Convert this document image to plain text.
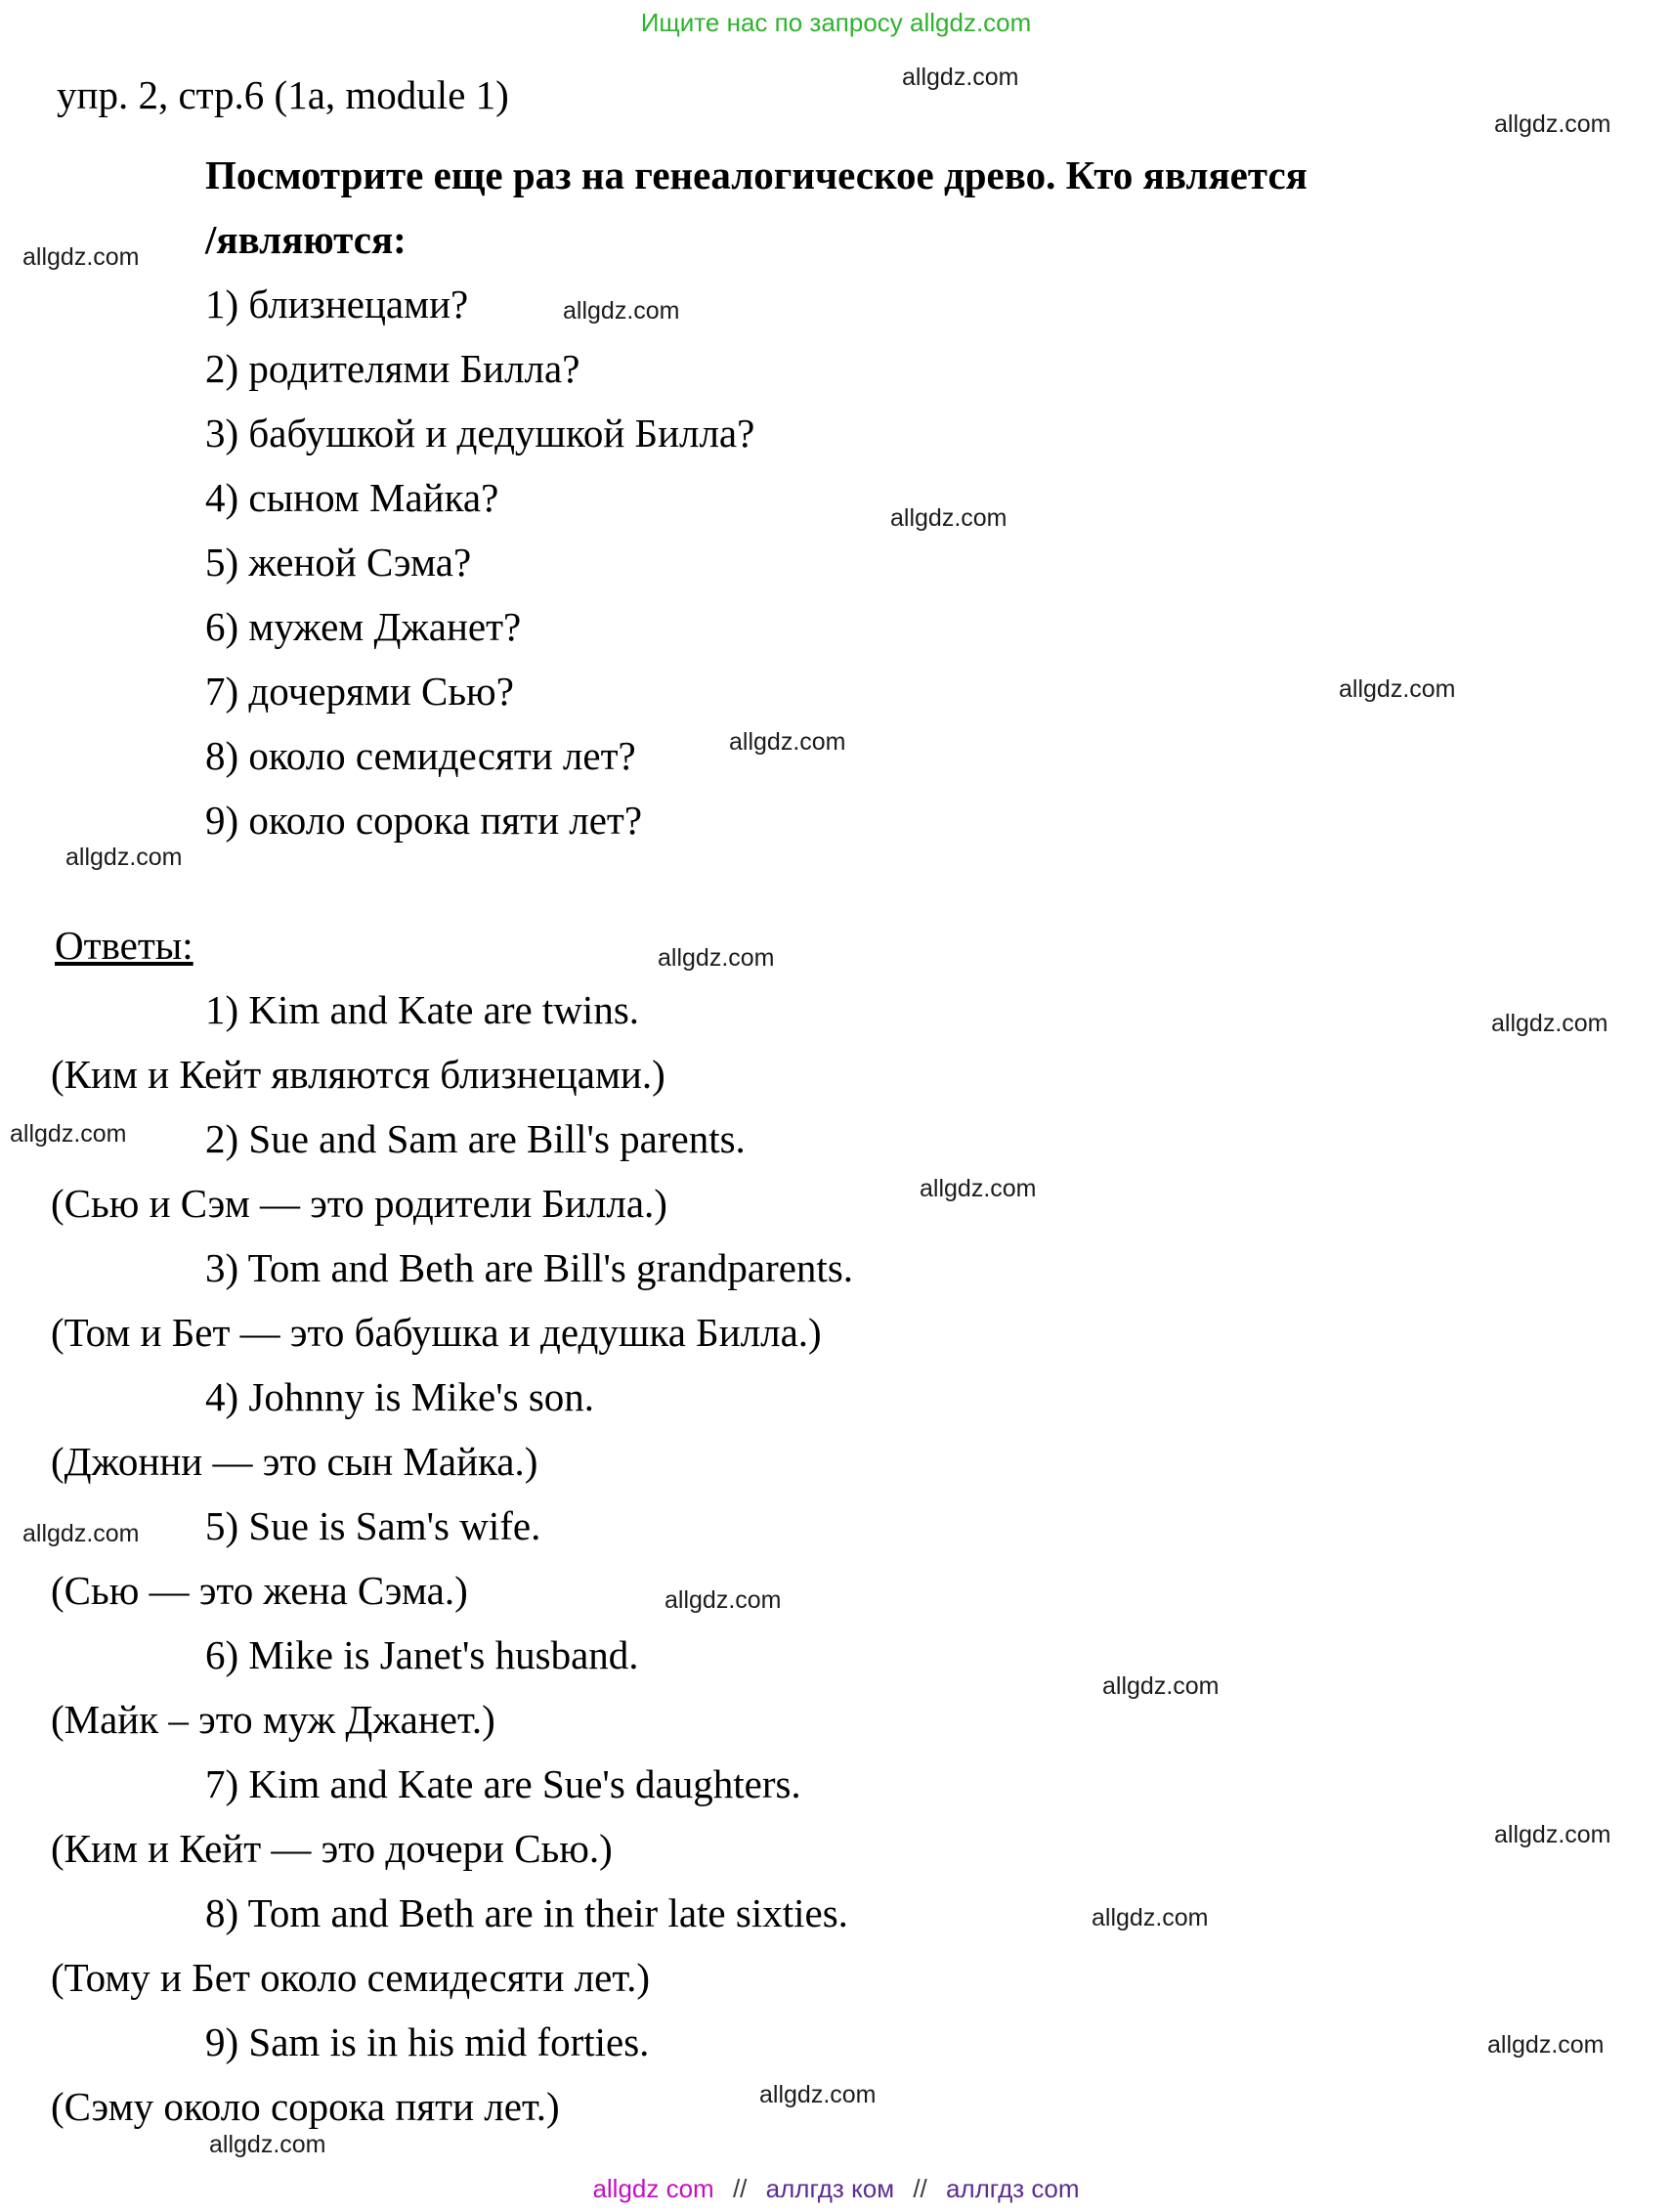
Ищите нас по запросу allgdz.com
allgdz.com
allgdz.com
allgdz.com
allgdz.com
allgdz.com
allgdz.com
allgdz.com
allgdz.com
allgdz.com
allgdz.com
allgdz.com
allgdz.com
allgdz.com
allgdz.com
allgdz.com
allgdz.com
allgdz.com
allgdz.com
allgdz.com
allgdz.com
упр. 2, стр.6 (1a, module 1)
Посмотрите еще раз на генеалогическое древо. Кто является
/являются:
1) близнецами?
2) родителями Билла?
3) бабушкой и дедушкой Билла?
4) сыном Майка?
5) женой Сэма?
6) мужем Джанет?
7) дочерями Сью?
8) около семидесяти лет?
9) около сорока пяти лет?
Ответы:
1) Kim and Kate are twins.
(Ким и Кейт являются близнецами.)
2) Sue and Sam are Bill's parents.
(Сью и Сэм — это родители Билла.)
3) Tom and Beth are Bill's grandparents.
(Том и Бет — это бабушка и дедушка Билла.)
4) Johnny is Mike's son.
(Джонни — это сын Майка.)
5) Sue is Sam's wife.
(Сью — это жена Сэма.)
6) Mike is Janet's husband.
(Майк – это муж Джанет.)
7) Kim and Kate are Sue's daughters.
(Ким и Кейт — это дочери Сью.)
8) Tom and Beth are in their late sixties.
(Тому и Бет около семидесяти лет.)
9) Sam is in his mid forties.
(Сэму около сорока пяти лет.)
allgdz com // аллгдз ком // аллгдз com
